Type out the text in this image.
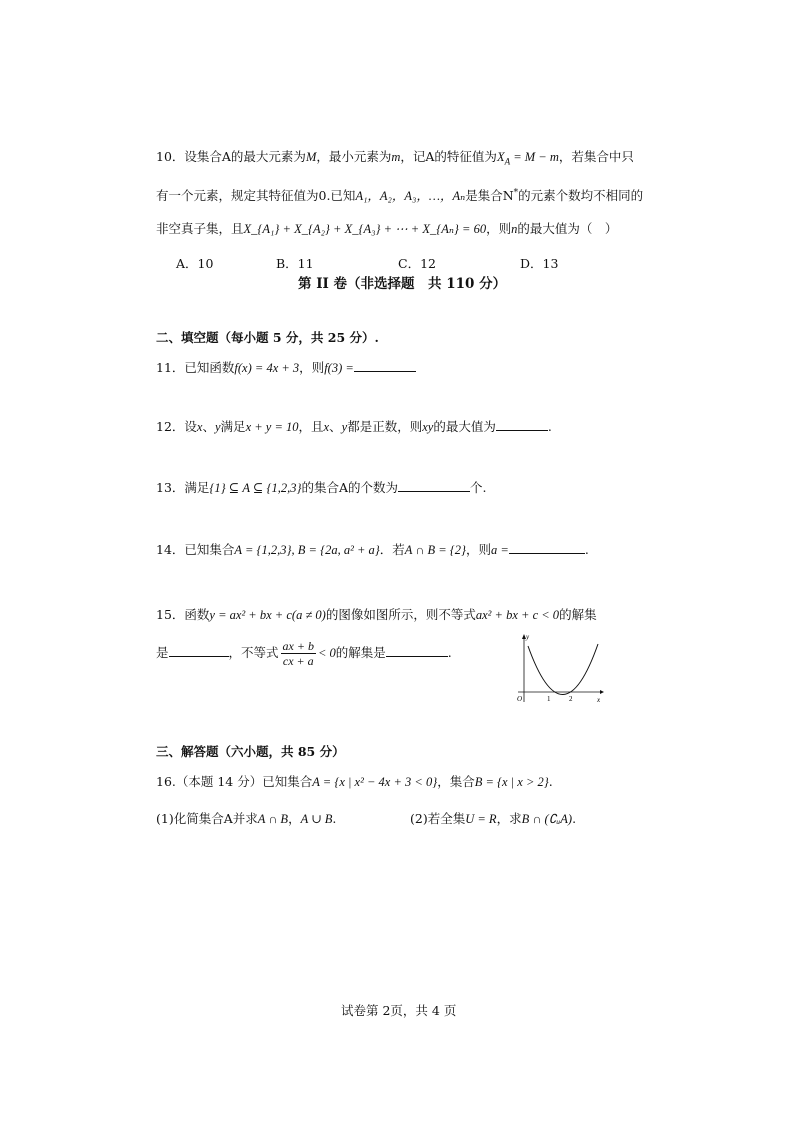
10．设集合A的最大元素为M，最小元素为m，记A的特征值为$X_A = M - m$，若集合中只
有一个元素，规定其特征值为0.已知A₁，A₂，A₃，…，Aₙ是集合N*的元素个数均不相同的
非空真子集，且X_{A₁} + X_{A₂} + X_{A₃} + ⋯ + X_{Aₙ} = 60，则n的最大值为（　）
A．10	B．11	C．12	D．13
第 II 卷（非选择题　共 110 分）
二、填空题（每小题 5 分，共 25 分）.
11．已知函数f(x) = 4x + 3，则f(3) =
12．设x、y满足x + y = 10，且x、y都是正数，则xy的最大值为	.
13．满足{1} ⊆ A ⊆ {1,2,3}的集合A的个数为	个.
14．已知集合A = {1,2,3}, B = {2a, a² + a}．若A ∩ B = {2}，则a =	.
15．函数y = ax² + bx + c(a ≠ 0)的图像如图所示，则不等式ax² + bx + c < 0的解集
是	，不等式 $\frac{ax + b}{cx + a} < 0$的解集是	.
y
x
O	1	2
三、解答题（六小题，共 85 分）
16.（本题 14 分）已知集合A = {x | x² − 4x + 3 < 0}，集合B = {x | x > 2}.
(1)化简集合A并求A ∩ B，A ∪ B.	(2)若全集U = R，求B ∩ (∁ᵤA).
试卷第 2页，共 4 页
